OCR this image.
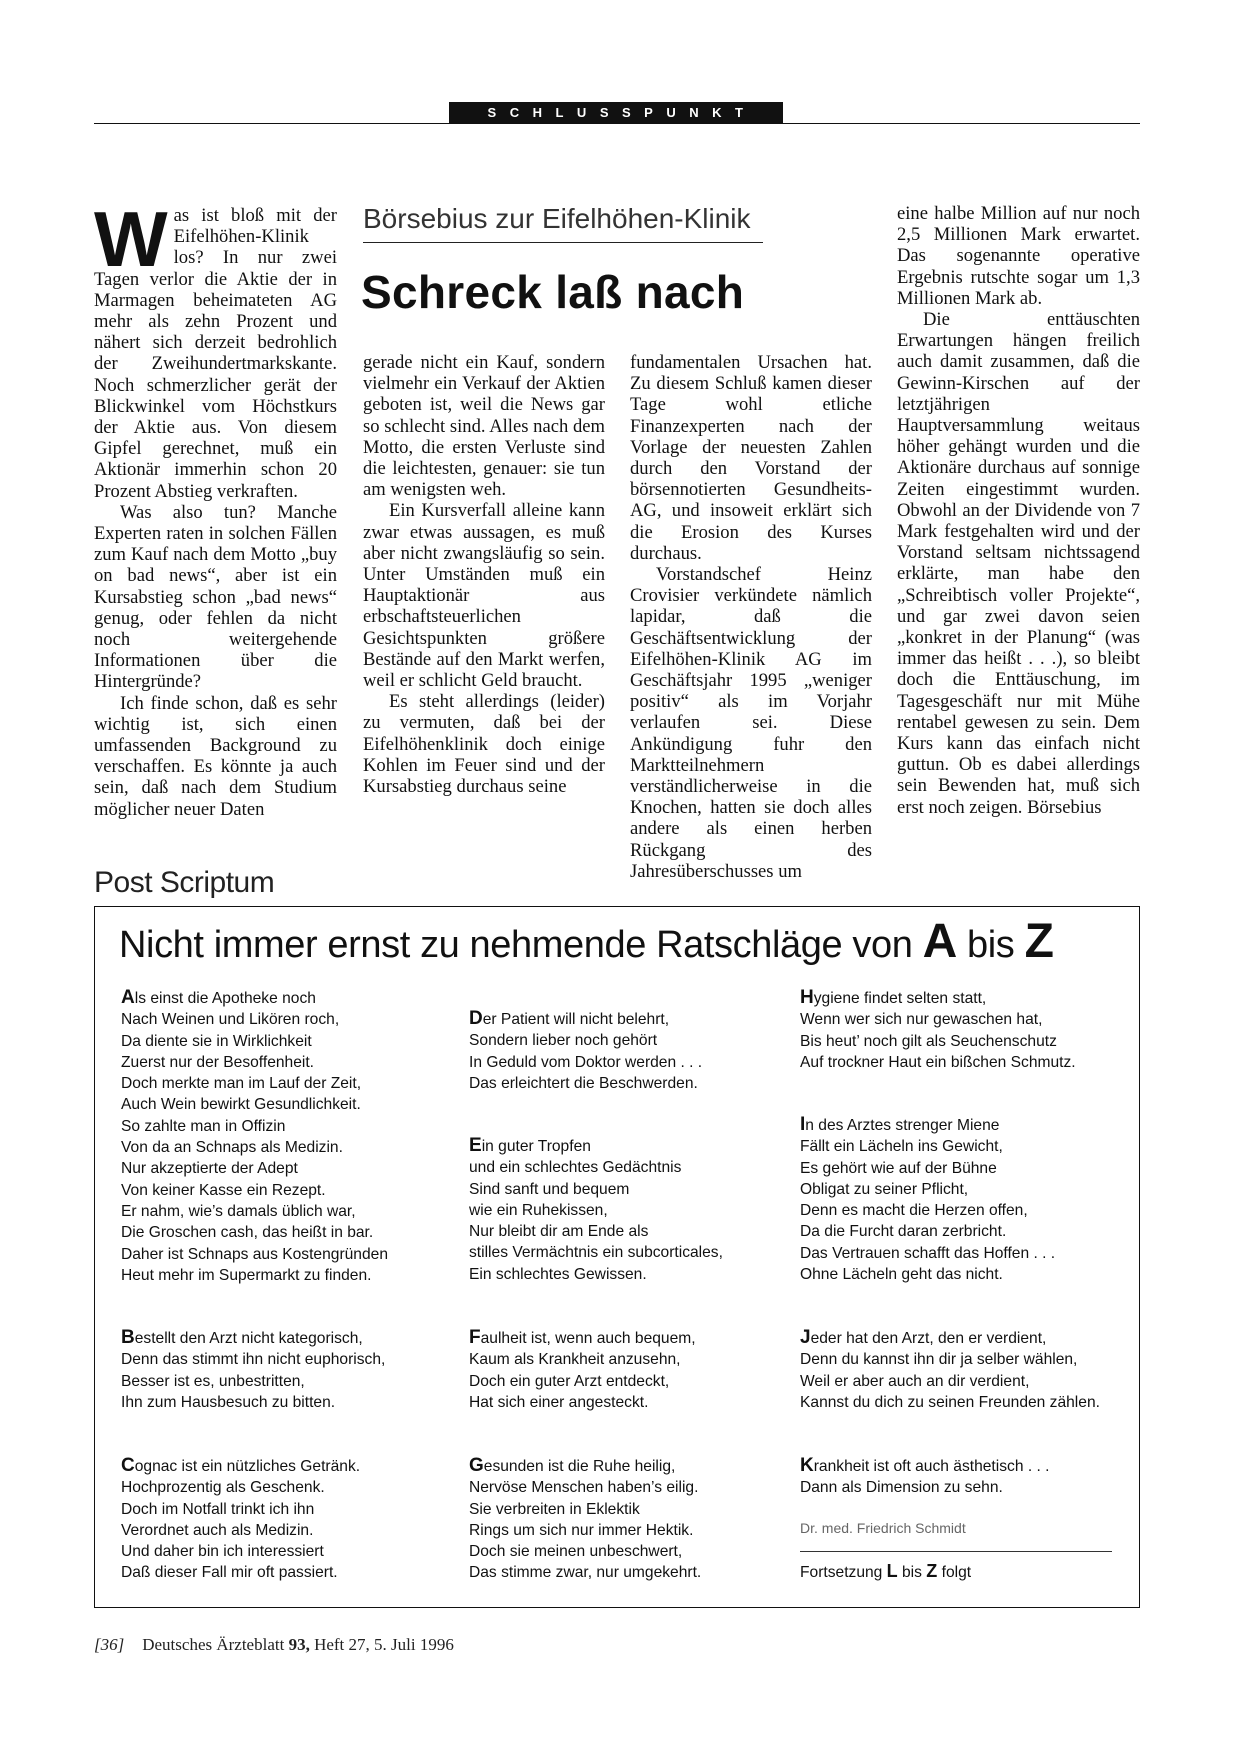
SCHLUSSPUNKT

Was ist bloß mit der Eifelhöhen-Klinik los? In nur zwei Tagen verlor die Aktie der in Marmagen beheimateten AG mehr als zehn Prozent und nähert sich derzeit bedrohlich der Zweihundertmarkskante. Noch schmerzlicher gerät der Blickwinkel vom Höchstkurs der Aktie aus. Von diesem Gipfel gerechnet, muß ein Aktionär immerhin schon 20 Prozent Abstieg verkraften.

Was also tun? Manche Experten raten in solchen Fällen zum Kauf nach dem Motto „buy on bad news“, aber ist ein Kursabstieg schon „bad news“ genug, oder fehlen da nicht noch weitergehende Informationen über die Hintergründe?

Ich finde schon, daß es sehr wichtig ist, sich einen umfassenden Background zu verschaffen. Es könnte ja auch sein, daß nach dem Studium möglicher neuer Daten

Börsebius zur Eifelhöhen-Klinik
Schreck laß nach

gerade nicht ein Kauf, sondern vielmehr ein Verkauf der Aktien geboten ist, weil die News gar so schlecht sind. Alles nach dem Motto, die ersten Verluste sind die leichtesten, genauer: sie tun am wenigsten weh.

Ein Kursverfall alleine kann zwar etwas aussagen, es muß aber nicht zwangsläufig so sein. Unter Umständen muß ein Hauptaktionär aus erbschaftsteuerlichen Gesichtspunkten größere Bestände auf den Markt werfen, weil er schlicht Geld braucht.

Es steht allerdings (leider) zu vermuten, daß bei der Eifelhöhenklinik doch einige Kohlen im Feuer sind und der Kursabstieg durchaus seine

fundamentalen Ursachen hat. Zu diesem Schluß kamen dieser Tage wohl etliche Finanzexperten nach der Vorlage der neuesten Zahlen durch den Vorstand der börsennotierten Gesundheits-AG, und insoweit erklärt sich die Erosion des Kurses durchaus.

Vorstandschef Heinz Crovisier verkündete nämlich lapidar, daß die Geschäftsentwicklung der Eifelhöhen-Klinik AG im Geschäftsjahr 1995 „weniger positiv“ als im Vorjahr verlaufen sei. Diese Ankündigung fuhr den Marktteilnehmern verständlicherweise in die Knochen, hatten sie doch alles andere als einen herben Rückgang des Jahresüberschusses um

eine halbe Million auf nur noch 2,5 Millionen Mark erwartet. Das sogenannte operative Ergebnis rutschte sogar um 1,3 Millionen Mark ab.

Die enttäuschten Erwartungen hängen freilich auch damit zusammen, daß die Gewinn-Kirschen auf der letztjährigen Hauptversammlung weitaus höher gehängt wurden und die Aktionäre durchaus auf sonnige Zeiten eingestimmt wurden. Obwohl an der Dividende von 7 Mark festgehalten wird und der Vorstand seltsam nichtssagend erklärte, man habe den „Schreibtisch voller Projekte“, und gar zwei davon seien „konkret in der Planung“ (was immer das heißt . . .), so bleibt doch die Enttäuschung, im Tagesgeschäft nur mit Mühe rentabel gewesen zu sein. Dem Kurs kann das einfach nicht guttun. Ob es dabei allerdings sein Bewenden hat, muß sich erst noch zeigen. Börsebius

Post Scriptum
Nicht immer ernst zu nehmende Ratschläge von A bis Z
Als einst die Apotheke noch
Nach Weinen und Likören roch,
Da diente sie in Wirklichkeit
Zuerst nur der Besoffenheit.
Doch merkte man im Lauf der Zeit,
Auch Wein bewirkt Gesundlichkeit.
So zahlte man in Offizin
Von da an Schnaps als Medizin.
Nur akzeptierte der Adept
Von keiner Kasse ein Rezept.
Er nahm, wie’s damals üblich war,
Die Groschen cash, das heißt in bar.
Daher ist Schnaps aus Kostengründen
Heut mehr im Supermarkt zu finden.
Bestellt den Arzt nicht kategorisch,
Denn das stimmt ihn nicht euphorisch,
Besser ist es, unbestritten,
Ihn zum Hausbesuch zu bitten.
Cognac ist ein nützliches Getränk.
Hochprozentig als Geschenk.
Doch im Notfall trinkt ich ihn
Verordnet auch als Medizin.
Und daher bin ich interessiert
Daß dieser Fall mir oft passiert.
Der Patient will nicht belehrt,
Sondern lieber noch gehört
In Geduld vom Doktor werden . . .
Das erleichtert die Beschwerden.
Ein guter Tropfen
und ein schlechtes Gedächtnis
Sind sanft und bequem
wie ein Ruhekissen,
Nur bleibt dir am Ende als
stilles Vermächtnis ein subcorticales,
Ein schlechtes Gewissen.
Faulheit ist, wenn auch bequem,
Kaum als Krankheit anzusehn,
Doch ein guter Arzt entdeckt,
Hat sich einer angesteckt.
Gesunden ist die Ruhe heilig,
Nervöse Menschen haben’s eilig.
Sie verbreiten in Eklektik
Rings um sich nur immer Hektik.
Doch sie meinen unbeschwert,
Das stimme zwar, nur umgekehrt.
Hygiene findet selten statt,
Wenn wer sich nur gewaschen hat,
Bis heut’ noch gilt als Seuchenschutz
Auf trockner Haut ein bißchen Schmutz.
In des Arztes strenger Miene
Fällt ein Lächeln ins Gewicht,
Es gehört wie auf der Bühne
Obligat zu seiner Pflicht,
Denn es macht die Herzen offen,
Da die Furcht daran zerbricht.
Das Vertrauen schafft das Hoffen . . .
Ohne Lächeln geht das nicht.
Jeder hat den Arzt, den er verdient,
Denn du kannst ihn dir ja selber wählen,
Weil er aber auch an dir verdient,
Kannst du dich zu seinen Freunden zählen.
Krankheit ist oft auch ästhetisch . . .
Dann als Dimension zu sehn.
Dr. med. Friedrich Schmidt
Fortsetzung L bis Z folgt
[36] Deutsches Ärzteblatt 93, Heft 27, 5. Juli 1996
